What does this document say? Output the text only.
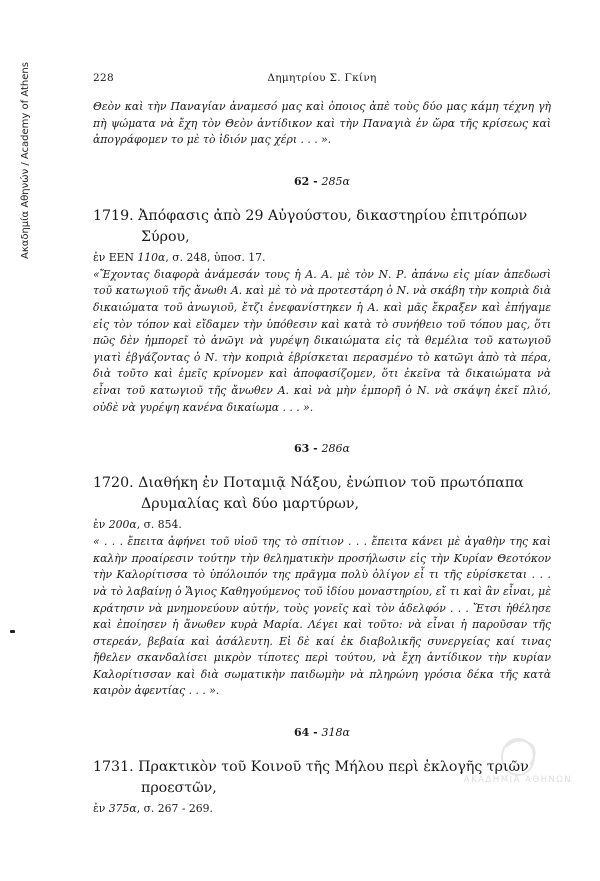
Ακαδημία Αθηνών / Academy of Athens
ΑΚΑΔΗΜΙΑ ΑΘΗΝΩΝ
228	Δημητρίου Σ. Γκίνη

Θεὸν καὶ τὴν Παναγίαν ἀναμεσό μας καὶ ὁποιος ἀπὲ τοὺς δύο μας κάμη τέχνη γὴ πὴ ψώματα νὰ ἔχη τὸν Θεὸν ἀντίδικον καὶ τὴν Παναγιὰ ἐν ὥρα τῆς κρίσεως καὶ ἀπογράφομεν το μὲ τὸ ἰδιόν μας χέρι . . . ».

62 - 285α

1719. Ἀπόφασις ἀπὸ 29 Αὐγούστου, δικαστηρίου ἐπιτρόπων Σύρου,

ἐν ΕΕΝ 110α, σ. 248, ὑποσ. 17.

«Ἔχοντας διαφορὰ ἀνάμεσάν τους ἡ Α. Α. μὲ τὸν Ν. Ρ. ἀπάνω εἰς μίαν ἀπεδωσὶ τοῦ κατωγιοῦ τῆς ἄνωθι Α. καὶ μὲ τὸ νὰ προτεστάρη ὁ Ν. νὰ σκάβη τὴν κοπριὰ διὰ δικαιώματα τοῦ ἀνωγιοῦ, ἔτζι ἐνεφανίστηκεν ἡ Α. καὶ μᾶς ἔκραξεν καὶ ἐπήγαμε εἰς τὸν τόπον καὶ εἴδαμεν τὴν ὑπόθεσιν καὶ κατὰ τὸ συνήθειο τοῦ τόπου μας, ὅτι πῶς δὲν ἠμπορεῖ τὸ ἀνῶγι νὰ γυρέψη δικαιώματα εἰς τὰ θεμέλια τοῦ κατωγιοῦ γιατὶ ἐβγάζοντας ὁ Ν. τὴν κοπριὰ ἐβρίσκεται περασμένο τὸ κατῶγι ἀπὸ τὰ πέρα, διὰ τοῦτο καὶ ἐμεῖς κρίνομεν καὶ ἀποφασίζομεν, ὅτι ἐκεῖνα τὰ δικαιώματα νὰ εἶναι τοῦ κατωγιοῦ τῆς ἄνωθεν Α. καὶ νὰ μὴν ἐμπορῆ ὁ Ν. νὰ σκάψη ἐκεῖ πλιό, οὐδὲ νὰ γυρέψη κανένα δικαίωμα . . . ».

63 - 286α

1720. Διαθήκη ἐν Ποταμιᾷ Νάξου, ἐνώπιον τοῦ πρωτόπαπα Δρυμαλίας καὶ δύο μαρτύρων,

ἐν 200α, σ. 854.

« . . . ἔπειτα ἀφήνει τοῦ υἱοῦ της τὸ σπίτιον . . . ἔπειτα κάνει μὲ ἀγαθὴν της καὶ καλὴν προαίρεσιν τούτην τὴν θεληματικὴν προσήλωσιν εἰς τὴν Κυρίαν Θεοτόκον τὴν Καλορίτισσα τὸ ὑπόλοιπόν της πρᾶγμα πολὺ ὀλίγον εἶ τι τῆς εὑρίσκεται . . . νὰ τὸ λαβαίνῃ ὁ Ἅγιος Καθηγούμενος τοῦ ἰδίου μοναστηρίου, εἴ τι καὶ ἂν εἶναι, μὲ κράτησιν νὰ μνημονεύουν αὐτήν, τοὺς γονεῖς καὶ τὸν ἀδελφόν . . . Ἔτσι ἠθέλησε καὶ ἐποίησεν ἡ ἄνωθεν κυρὰ Μαρία. Λέγει καὶ τοῦτο: νὰ εἶναι ἡ παροῦσαν τῆς στερεάν, βεβαία καὶ ἀσάλευτη. Εἰ δὲ καί ἐκ διαβολικῆς συνεργείας καί τινας ἤθελεν σκανδαλίσει μικρὸν τίποτες περὶ τούτου, νὰ ἔχη ἀντίδικον τὴν κυρίαν Καλορίτισσαν καὶ διὰ σωματικὴν παιδωμὴν νὰ πληρώνη γρόσια δέκα τῆς κατὰ καιρὸν ἀφεντίας . . . ».

64 - 318α

1731. Πρακτικὸν τοῦ Κοινοῦ τῆς Μήλου περὶ ἐκλογῆς τριῶν προεστῶν,

ἐν 375α, σ. 267 - 269.
